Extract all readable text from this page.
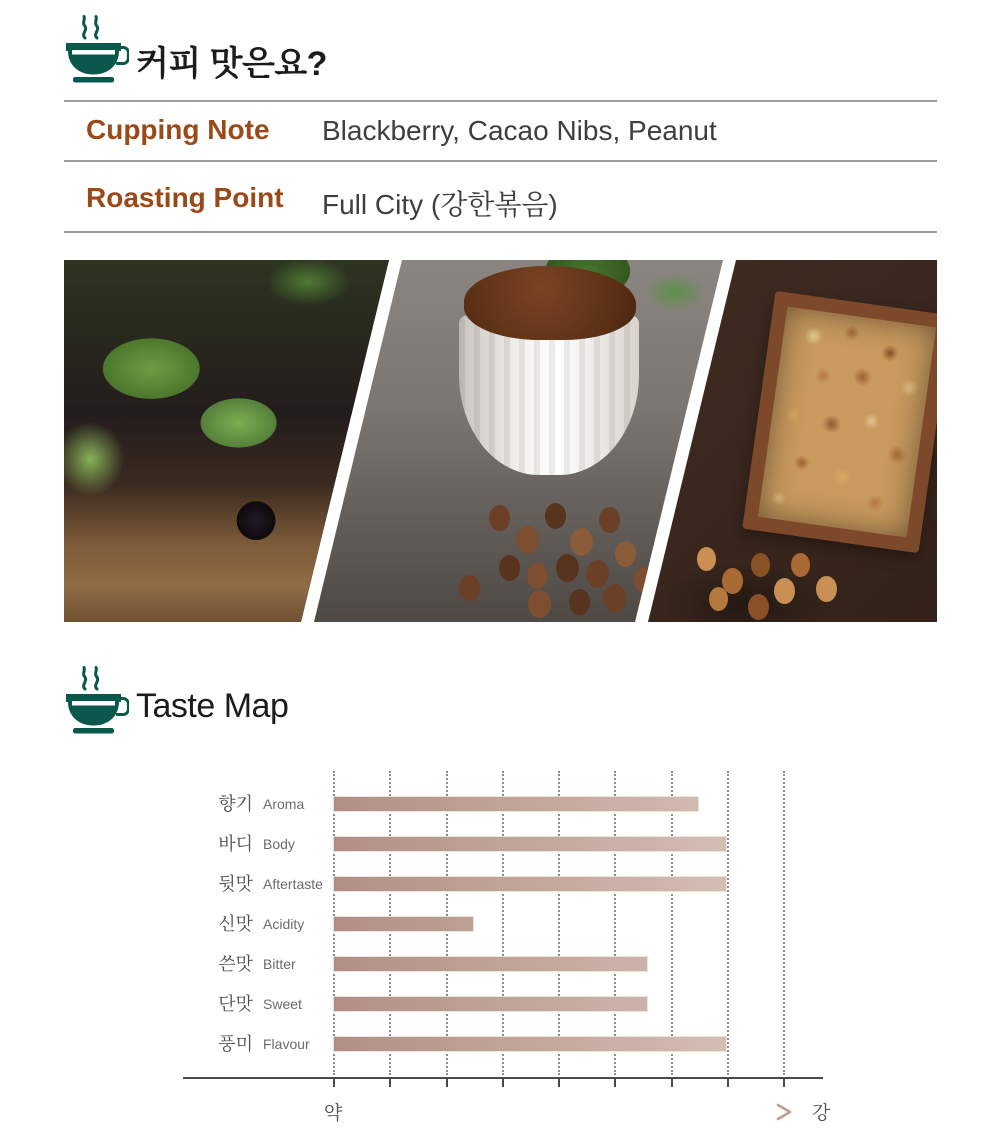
커피 맛은요?
Cupping Note Blackberry, Cacao Nibs, Peanut
Roasting Point Full City (강한볶음)
Taste Map
향기 Aroma
바디 Body
뒷맛 Aftertaste
신맛 Acidity
쓴맛 Bitter
단맛 Sweet
풍미 Flavour
약	강
